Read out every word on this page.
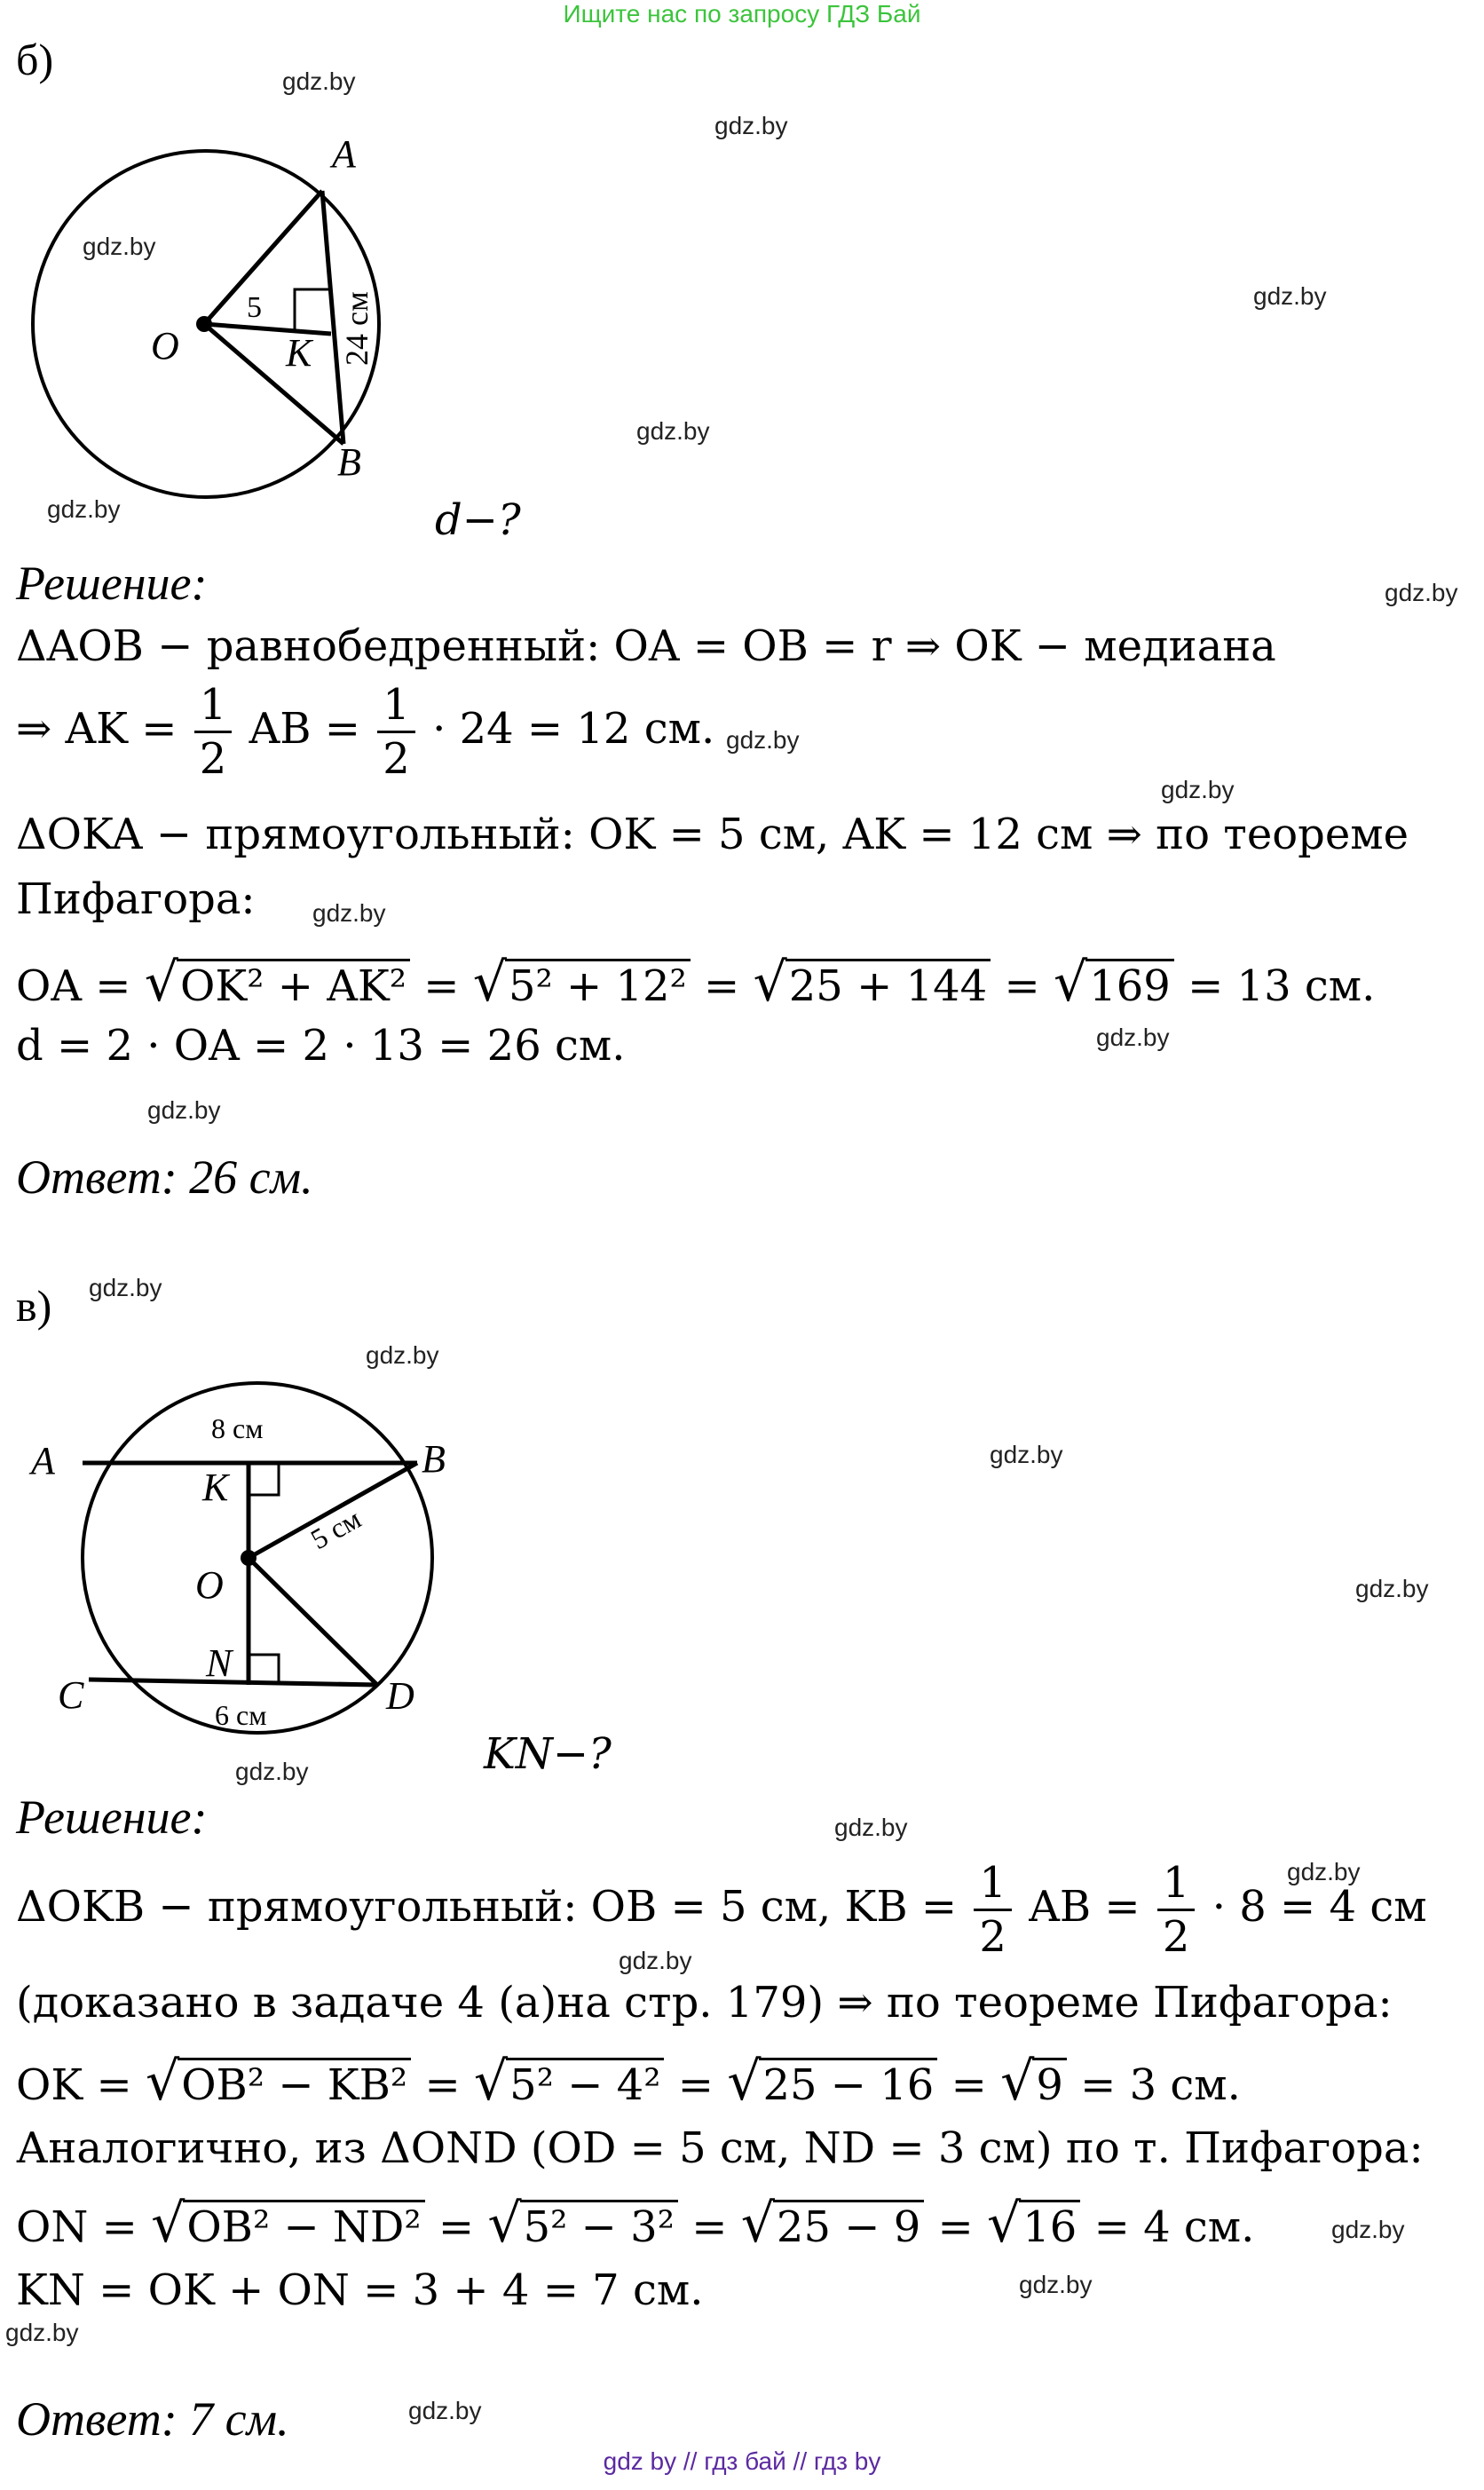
Ищите нас по запросу ГДЗ Бай
б)
A
B
O	K
5 24 см
d−?
Решение:
ΔAOB − равнобедренный: OA = OB = r ⇒ OK − медиана
⇒ AK = $\frac{1}{2}$ AB = $\frac{1}{2} \cdot 24 = 12$ см.
ΔOKA − прямоугольный: OK = 5 см, AK = 12 см ⇒ по теореме
Пифагора:
OA = √OK² + AK² = √5² + 12² = √25 + 144 = √169 = 13 см.
d = 2 · OA = 2 · 13 = 26 см.
Ответ: 26 см.
в)
A	B
C	D
O
K
N
8 см
5 см
6 см
KN−?
Решение:
ΔOKB − прямоугольный: OB = 5 см, KB = $\frac{1}{2}$ AB = $\frac{1}{2} \cdot 8 = 4$ см
(доказано в задаче 4 (а)на стр. 179) ⇒ по теореме Пифагора:
OK = √OB² − KB² = √5² − 4² = √25 − 16 = √9 = 3 см.
Аналогично, из ΔOND (OD = 5 см, ND = 3 см) по т. Пифагора:
ON = √OB² − ND² = √5² − 3² = √25 − 9 = √16 = 4 см.
KN = OK + ON = 3 + 4 = 7 см.
Ответ: 7 см.
gdz.by
gdz.by
gdz.by
gdz.by
gdz.by
gdz.by
gdz.by
gdz.by
gdz.by
gdz.by
gdz.by
gdz.by
gdz.by
gdz.by
gdz.by
gdz.by
gdz.by
gdz.by
gdz.by
gdz.by
gdz.by
gdz.by
gdz.by
gdz.by
gdz by // гдз бай // гдз by
